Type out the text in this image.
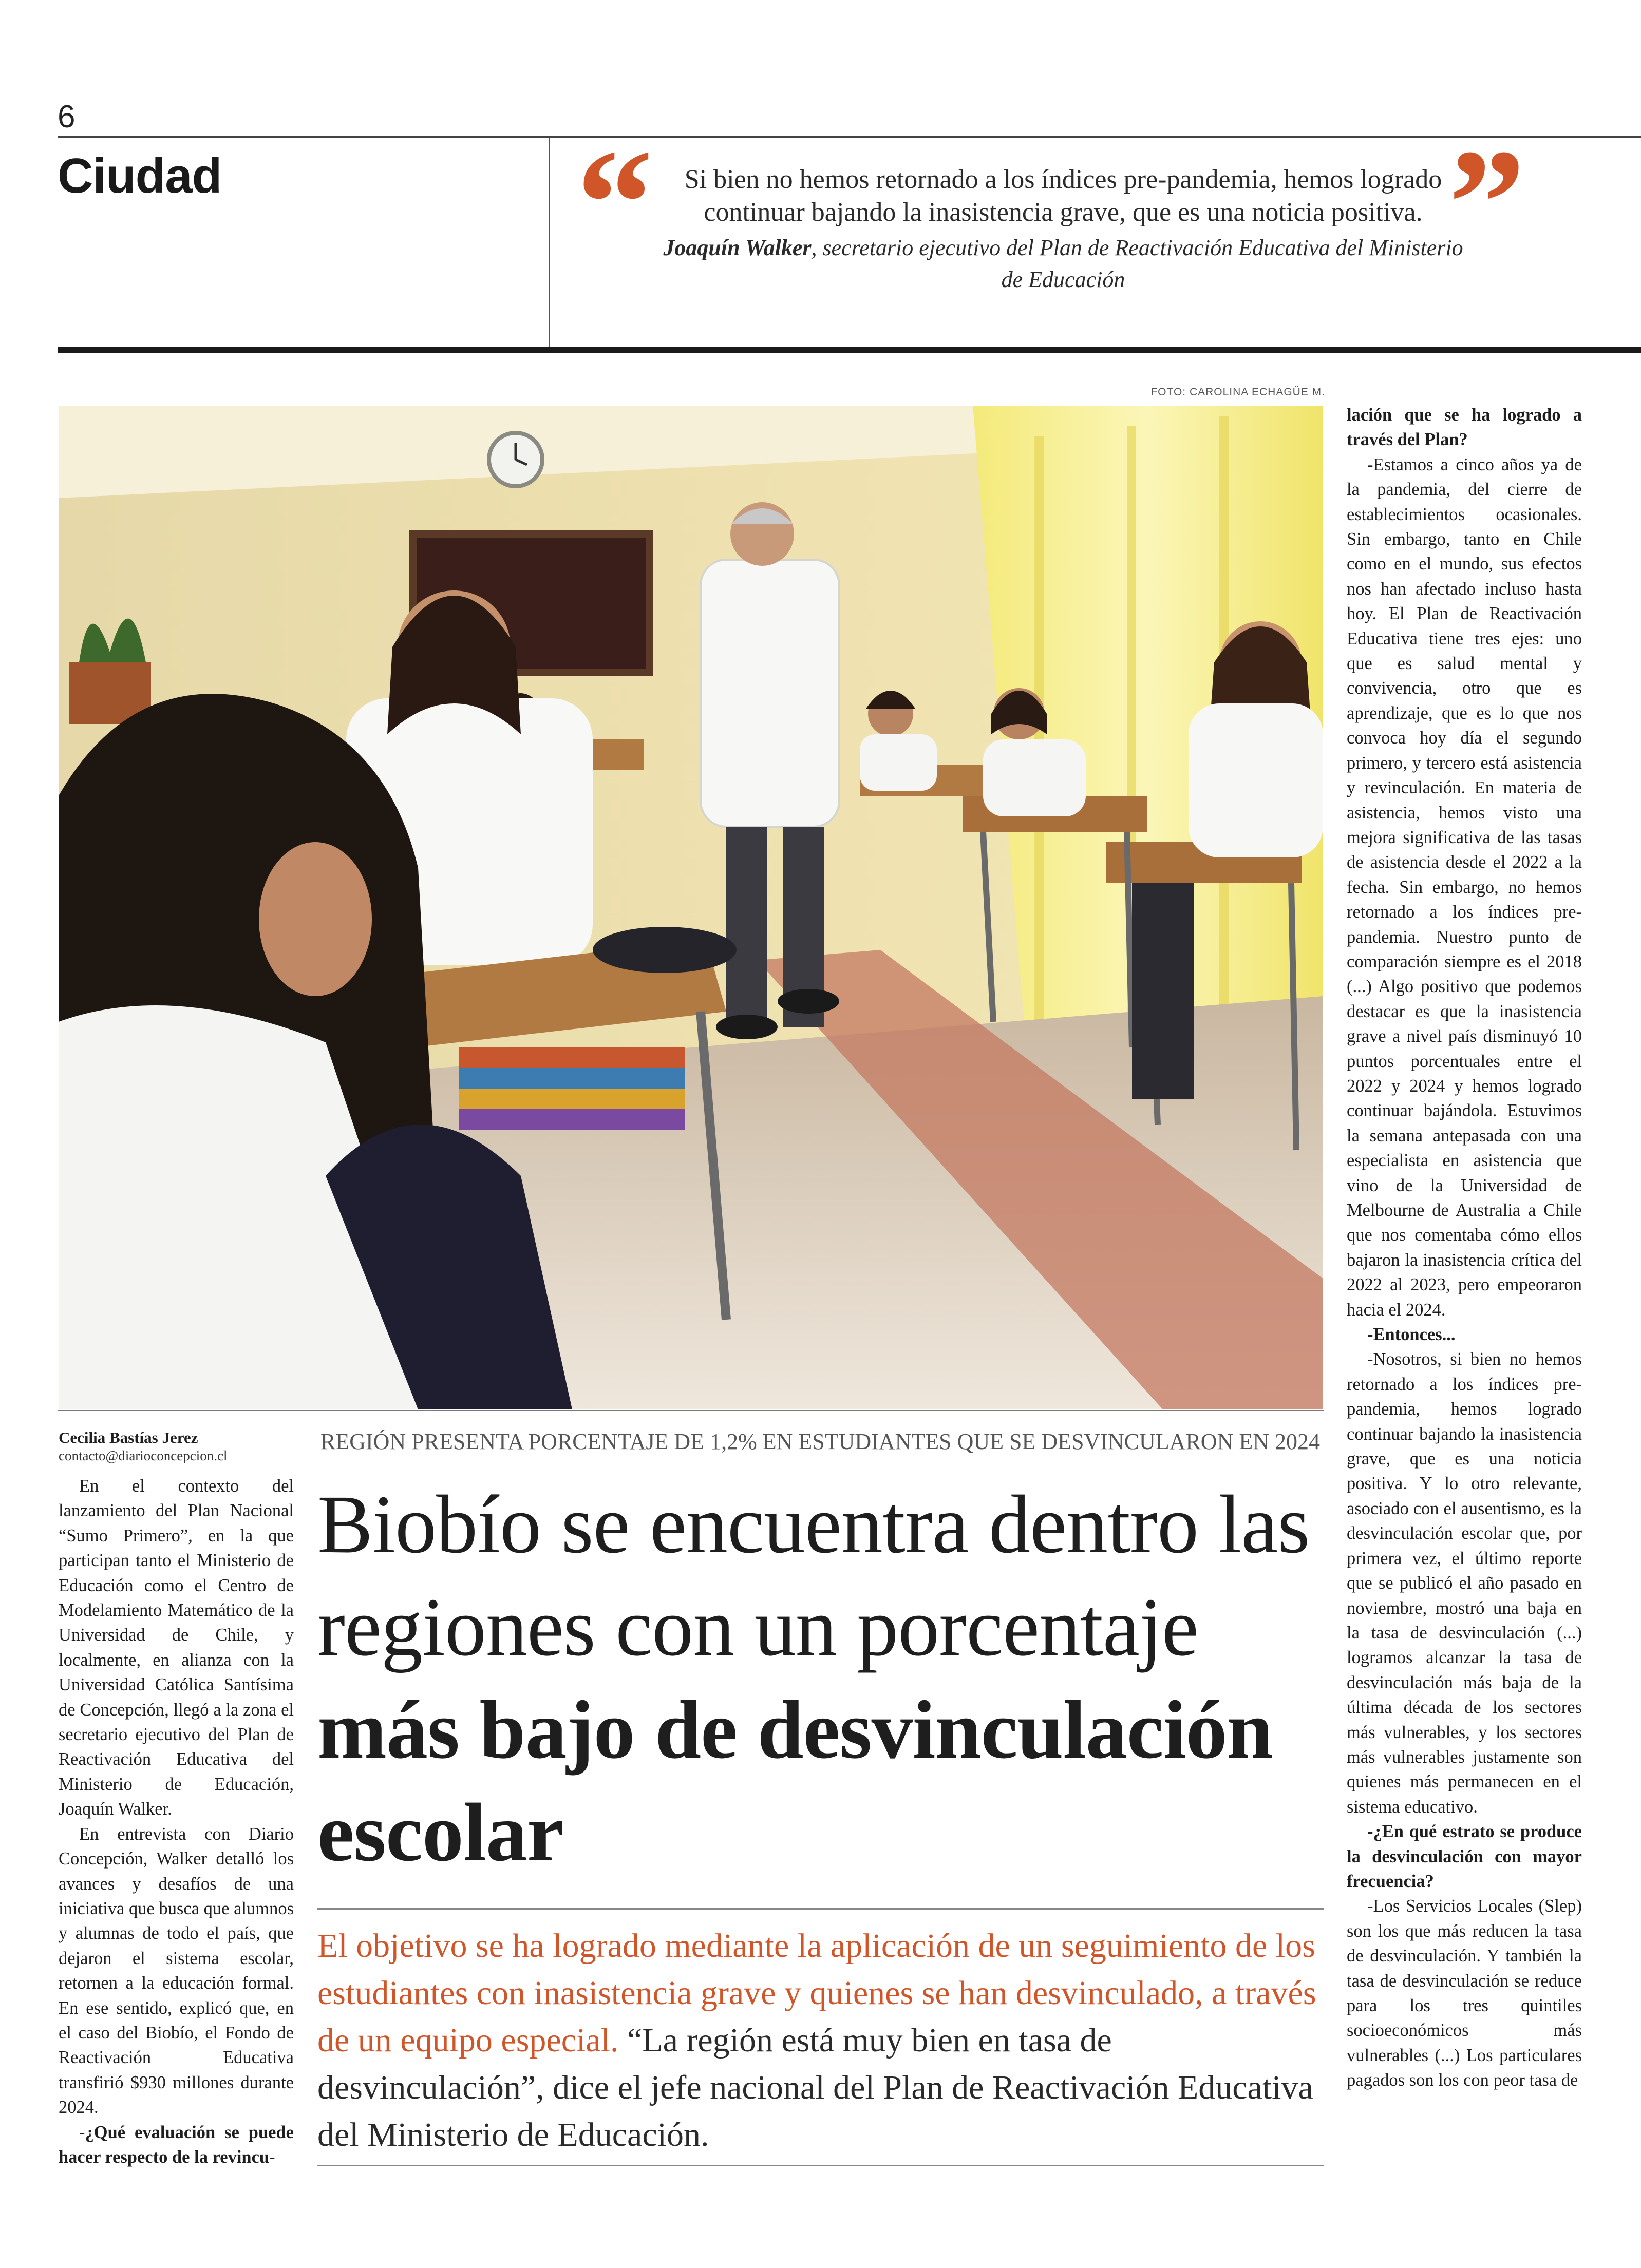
6
Ciudad “	”
Si bien no hemos retornado a los índices pre-pandemia, hemos logrado continuar bajando la inasistencia grave, que es una noticia positiva.
Joaquín Walker, secretario ejecutivo del Plan de Reactivación Educativa del Ministerio de Educación
FOTO: CAROLINA ECHAGÜE M.

lación que se ha logrado a través del Plan?

-Estamos a cinco años ya de la pandemia, del cierre de establecimientos ocasionales. Sin embargo, tanto en Chile como en el mundo, sus efectos nos han afectado incluso hasta hoy. El Plan de Reactivación Educativa tiene tres ejes: uno que es salud mental y convivencia, otro que es aprendizaje, que es lo que nos convoca hoy día el segundo primero, y tercero está asistencia y revinculación. En materia de asistencia, hemos visto una mejora significativa de las tasas de asistencia desde el 2022 a la fecha. Sin embargo, no hemos retornado a los índices pre-pandemia. Nuestro punto de comparación siempre es el 2018 (...) Algo positivo que podemos destacar es que la inasistencia grave a nivel país disminuyó 10 puntos porcentuales entre el 2022 y 2024 y hemos logrado continuar bajándola. Estuvimos la semana antepasada con una especialista en asistencia que vino de la Universidad de Melbourne de Australia a Chile que nos comentaba cómo ellos bajaron la inasistencia crítica del 2022 al 2023, pero empeoraron hacia el 2024.

-Entonces...

-Nosotros, si bien no hemos retornado a los índices pre-pandemia, hemos logrado continuar bajando la inasistencia grave, que es una noticia positiva. Y lo otro relevante, asociado con el ausentismo, es la desvinculación escolar que, por primera vez, el último reporte que se publicó el año pasado en noviembre, mostró una baja en la tasa de desvinculación (...) logramos alcanzar la tasa de desvinculación más baja de la última década de los sectores más vulnerables, y los sectores más vulnerables justamente son quienes más permanecen en el sistema educativo.

-¿En qué estrato se produce la desvinculación con mayor frecuencia?

-Los Servicios Locales (Slep) son los que más reducen la tasa de desvinculación. Y también la tasa de desvinculación se reduce para los tres quintiles socioeconómicos más vulnerables (...) Los particulares pagados son los con peor tasa de

Cecilia Bastías Jerez
contacto@diarioconcepcion.cl

En el contexto del lanzamiento del Plan Nacional “Sumo Primero”, en la que participan tanto el Ministerio de Educación como el Centro de Modelamiento Matemático de la Universidad de Chile, y localmente, en alianza con la Universidad Católica Santísima de Concepción, llegó a la zona el secretario ejecutivo del Plan de Reactivación Educativa del Ministerio de Educación, Joaquín Walker.

En entrevista con Diario Concepción, Walker detalló los avances y desafíos de una iniciativa que busca que alumnos y alumnas de todo el país, que dejaron el sistema escolar, retornen a la educación formal. En ese sentido, explicó que, en el caso del Biobío, el Fondo de Reactivación Educativa transfirió $930 millones durante 2024.

-¿Qué evaluación se puede hacer respecto de la revincu-

REGIÓN PRESENTA PORCENTAJE DE 1,2% EN ESTUDIANTES QUE SE DESVINCULARON EN 2024
Biobío se encuentra dentro las regiones con un porcentaje más bajo de desvinculación escolar
El objetivo se ha logrado mediante la aplicación de un seguimiento de los estudiantes con inasistencia grave y quienes se han desvinculado, a través de un equipo especial. “La región está muy bien en tasa de desvinculación”, dice el jefe nacional del Plan de Reactivación Educativa del Ministerio de Educación.
